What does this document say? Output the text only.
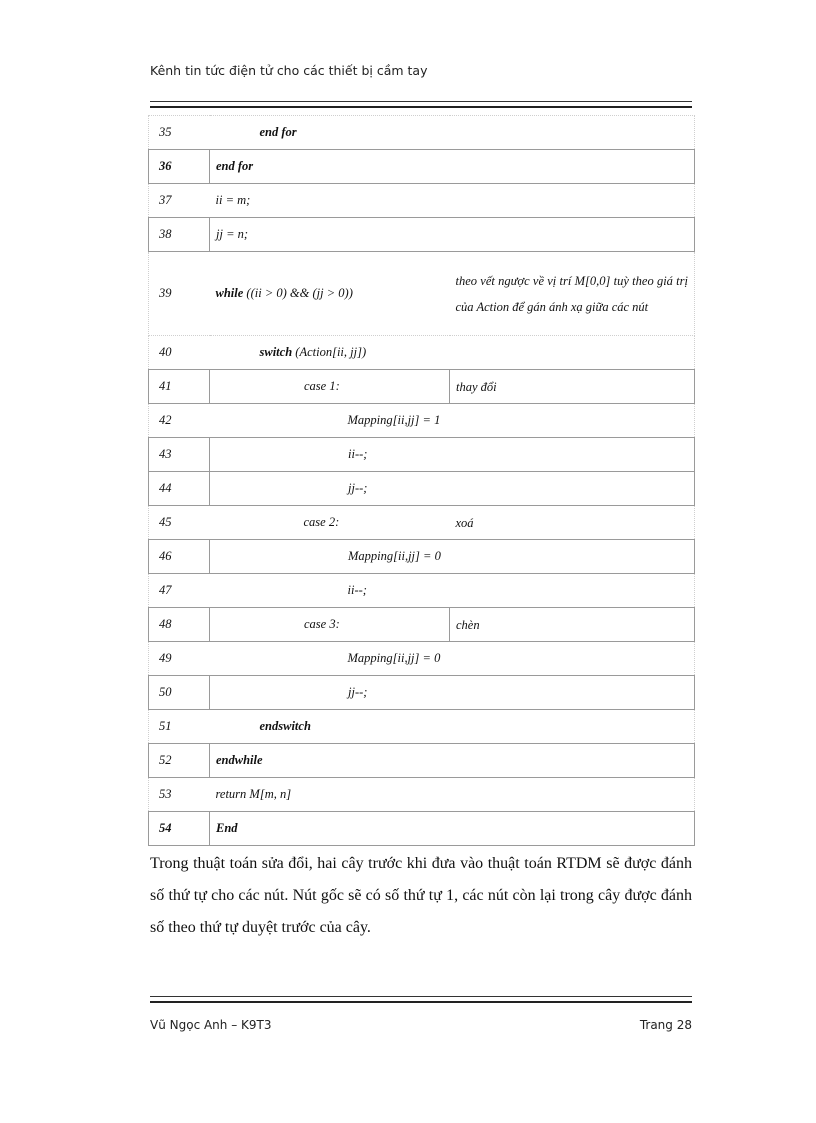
Kênh tin tức điện tử cho các thiết bị cầm tay
35	end for	
36	end for	
37	ii = m;	
38	jj = n;	
39	while ((ii > 0) && (jj > 0))	theo vết ngược về vị trí M[0,0] tuỳ theo giá trị của Action để gán ánh xạ giữa các nút
40	switch (Action[ii, jj])	
41	case 1:	thay đổi
42	Mapping[ii,jj] = 1	
43	ii--;	
44	jj--;	
45	case 2:	xoá
46	Mapping[ii,jj] = 0	
47	ii--;	
48	case 3:	chèn
49	Mapping[ii,jj] = 0	
50	jj--;	
51	endswitch	
52	endwhile	
53	return M[m, n]	
54	End	

Trong thuật toán sửa đổi, hai cây trước khi đưa vào thuật toán RTDM sẽ được đánh số thứ tự cho các nút. Nút gốc sẽ có số thứ tự 1, các nút còn lại trong cây được đánh số theo thứ tự duyệt trước của cây.

Vũ Ngọc Anh – K9T3	Trang 28
